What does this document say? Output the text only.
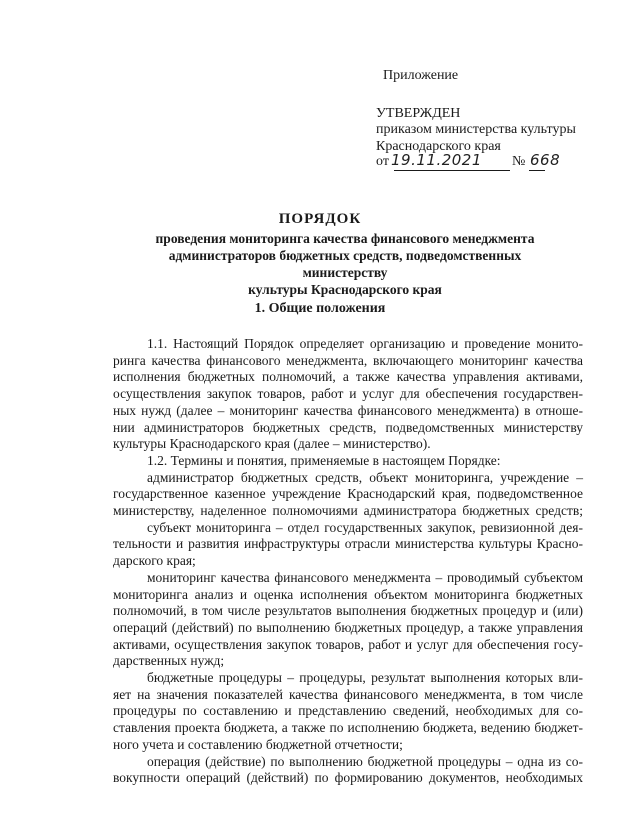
Приложение
УТВЕРЖДЕН
приказом министерства культуры
Краснодарского края
от 19.11.2021 № 668
ПОРЯДОК
проведения мониторинга качества финансового менеджмента
администраторов бюджетных средств, подведомственных министерству
культуры Краснодарского края
1. Общие положения
1.1. Настоящий Порядок определяет организацию и проведение монито-
ринга качества финансового менеджмента, включающего мониторинг качества
исполнения бюджетных полномочий, а также качества управления активами,
осуществления закупок товаров, работ и услуг для обеспечения государствен-
ных нужд (далее – мониторинг качества финансового менеджмента) в отноше-
нии администраторов бюджетных средств, подведомственных министерству
культуры Краснодарского края (далее – министерство).
1.2. Термины и понятия, применяемые в настоящем Порядке:
администратор бюджетных средств, объект мониторинга, учреждение –
государственное казенное учреждение Краснодарский края, подведомственное
министерству, наделенное полномочиями администратора бюджетных средств;
субъект мониторинга – отдел государственных закупок, ревизионной дея-
тельности и развития инфраструктуры отрасли министерства культуры Красно-
дарского края;
мониторинг качества финансового менеджмента – проводимый субъектом
мониторинга анализ и оценка исполнения объектом мониторинга бюджетных
полномочий, в том числе результатов выполнения бюджетных процедур и (или)
операций (действий) по выполнению бюджетных процедур, а также управления
активами, осуществления закупок товаров, работ и услуг для обеспечения госу-
дарственных нужд;
бюджетные процедуры – процедуры, результат выполнения которых вли-
яет на значения показателей качества финансового менеджмента, в том числе
процедуры по составлению и представлению сведений, необходимых для со-
ставления проекта бюджета, а также по исполнению бюджета, ведению бюджет-
ного учета и составлению бюджетной отчетности;
операция (действие) по выполнению бюджетной процедуры – одна из со-
вокупности операций (действий) по формированию документов, необходимых
